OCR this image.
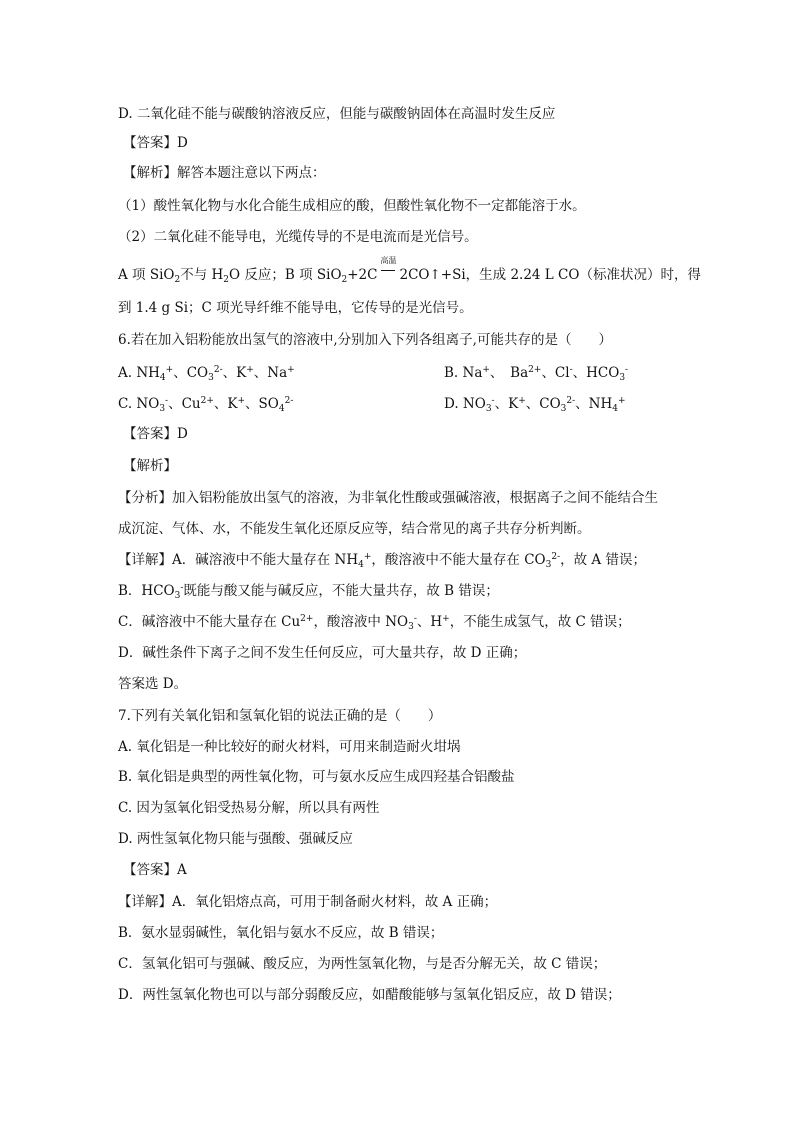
D. 二氧化硅不能与碳酸钠溶液反应，但能与碳酸钠固体在高温时发生反应
【答案】D
【解析】解答本题注意以下两点：
（1）酸性氧化物与水化合能生成相应的酸，但酸性氧化物不一定都能溶于水。
（2）二氧化硅不能导电，光缆传导的不是电流而是光信号。
A 项 SiO$_2$不与 $H_2O$ 反应；B 项 SiO$_2$+2C
高温
2CO↑+Si，生成 2.24 L CO（标准状况）时，得
到 1.4 g Si；C 项光导纤维不能导电，它传导的是光信号。
6.若在加入铝粉能放出氢气的溶液中,分别加入下列各组离子,可能共存的是（　　）
A. $NH_4^+$、$CO_3^{2-}$、K+、Na+	B. Na+、　$Ba^{2+}$、Cl-、$HCO_3^-$
C. $NO_3^-$、$Cu^{2+}$、K+、$SO_4^{2-}$	D. $NO_3^-$、K+、$CO_3^{2-}$、$NH_4^+$
【答案】D
【解析】
【分析】加入铝粉能放出氢气的溶液，为非氧化性酸或强碱溶液，根据离子之间不能结合生
成沉淀、气体、水，不能发生氧化还原反应等，结合常见的离子共存分析判断。
【详解】A．碱溶液中不能大量存在 $NH_4^+$，酸溶液中不能大量存在 $CO_3^{2-}$，故 A 错误；
B．$HCO_3^-$既能与酸又能与碱反应，不能大量共存，故 B 错误；
C．碱溶液中不能大量存在 $Cu^{2+}$，酸溶液中 $NO_3^-$、H+，不能生成氢气，故 C 错误；
D．碱性条件下离子之间不发生任何反应，可大量共存，故 D 正确；
答案选 D。
7.下列有关氧化铝和氢氧化铝的说法正确的是（　　）
A. 氧化铝是一种比较好的耐火材料，可用来制造耐火坩埚
B. 氧化铝是典型的两性氧化物，可与氨水反应生成四羟基合铝酸盐
C. 因为氢氧化铝受热易分解，所以具有两性
D. 两性氢氧化物只能与强酸、强碱反应
【答案】A
【详解】A．氧化铝熔点高，可用于制备耐火材料，故 A 正确；
B．氨水显弱碱性，氧化铝与氨水不反应，故 B 错误；
C．氢氧化铝可与强碱、酸反应，为两性氢氧化物，与是否分解无关，故 C 错误；
D．两性氢氧化物也可以与部分弱酸反应，如醋酸能够与氢氧化铝反应，故 D 错误；
